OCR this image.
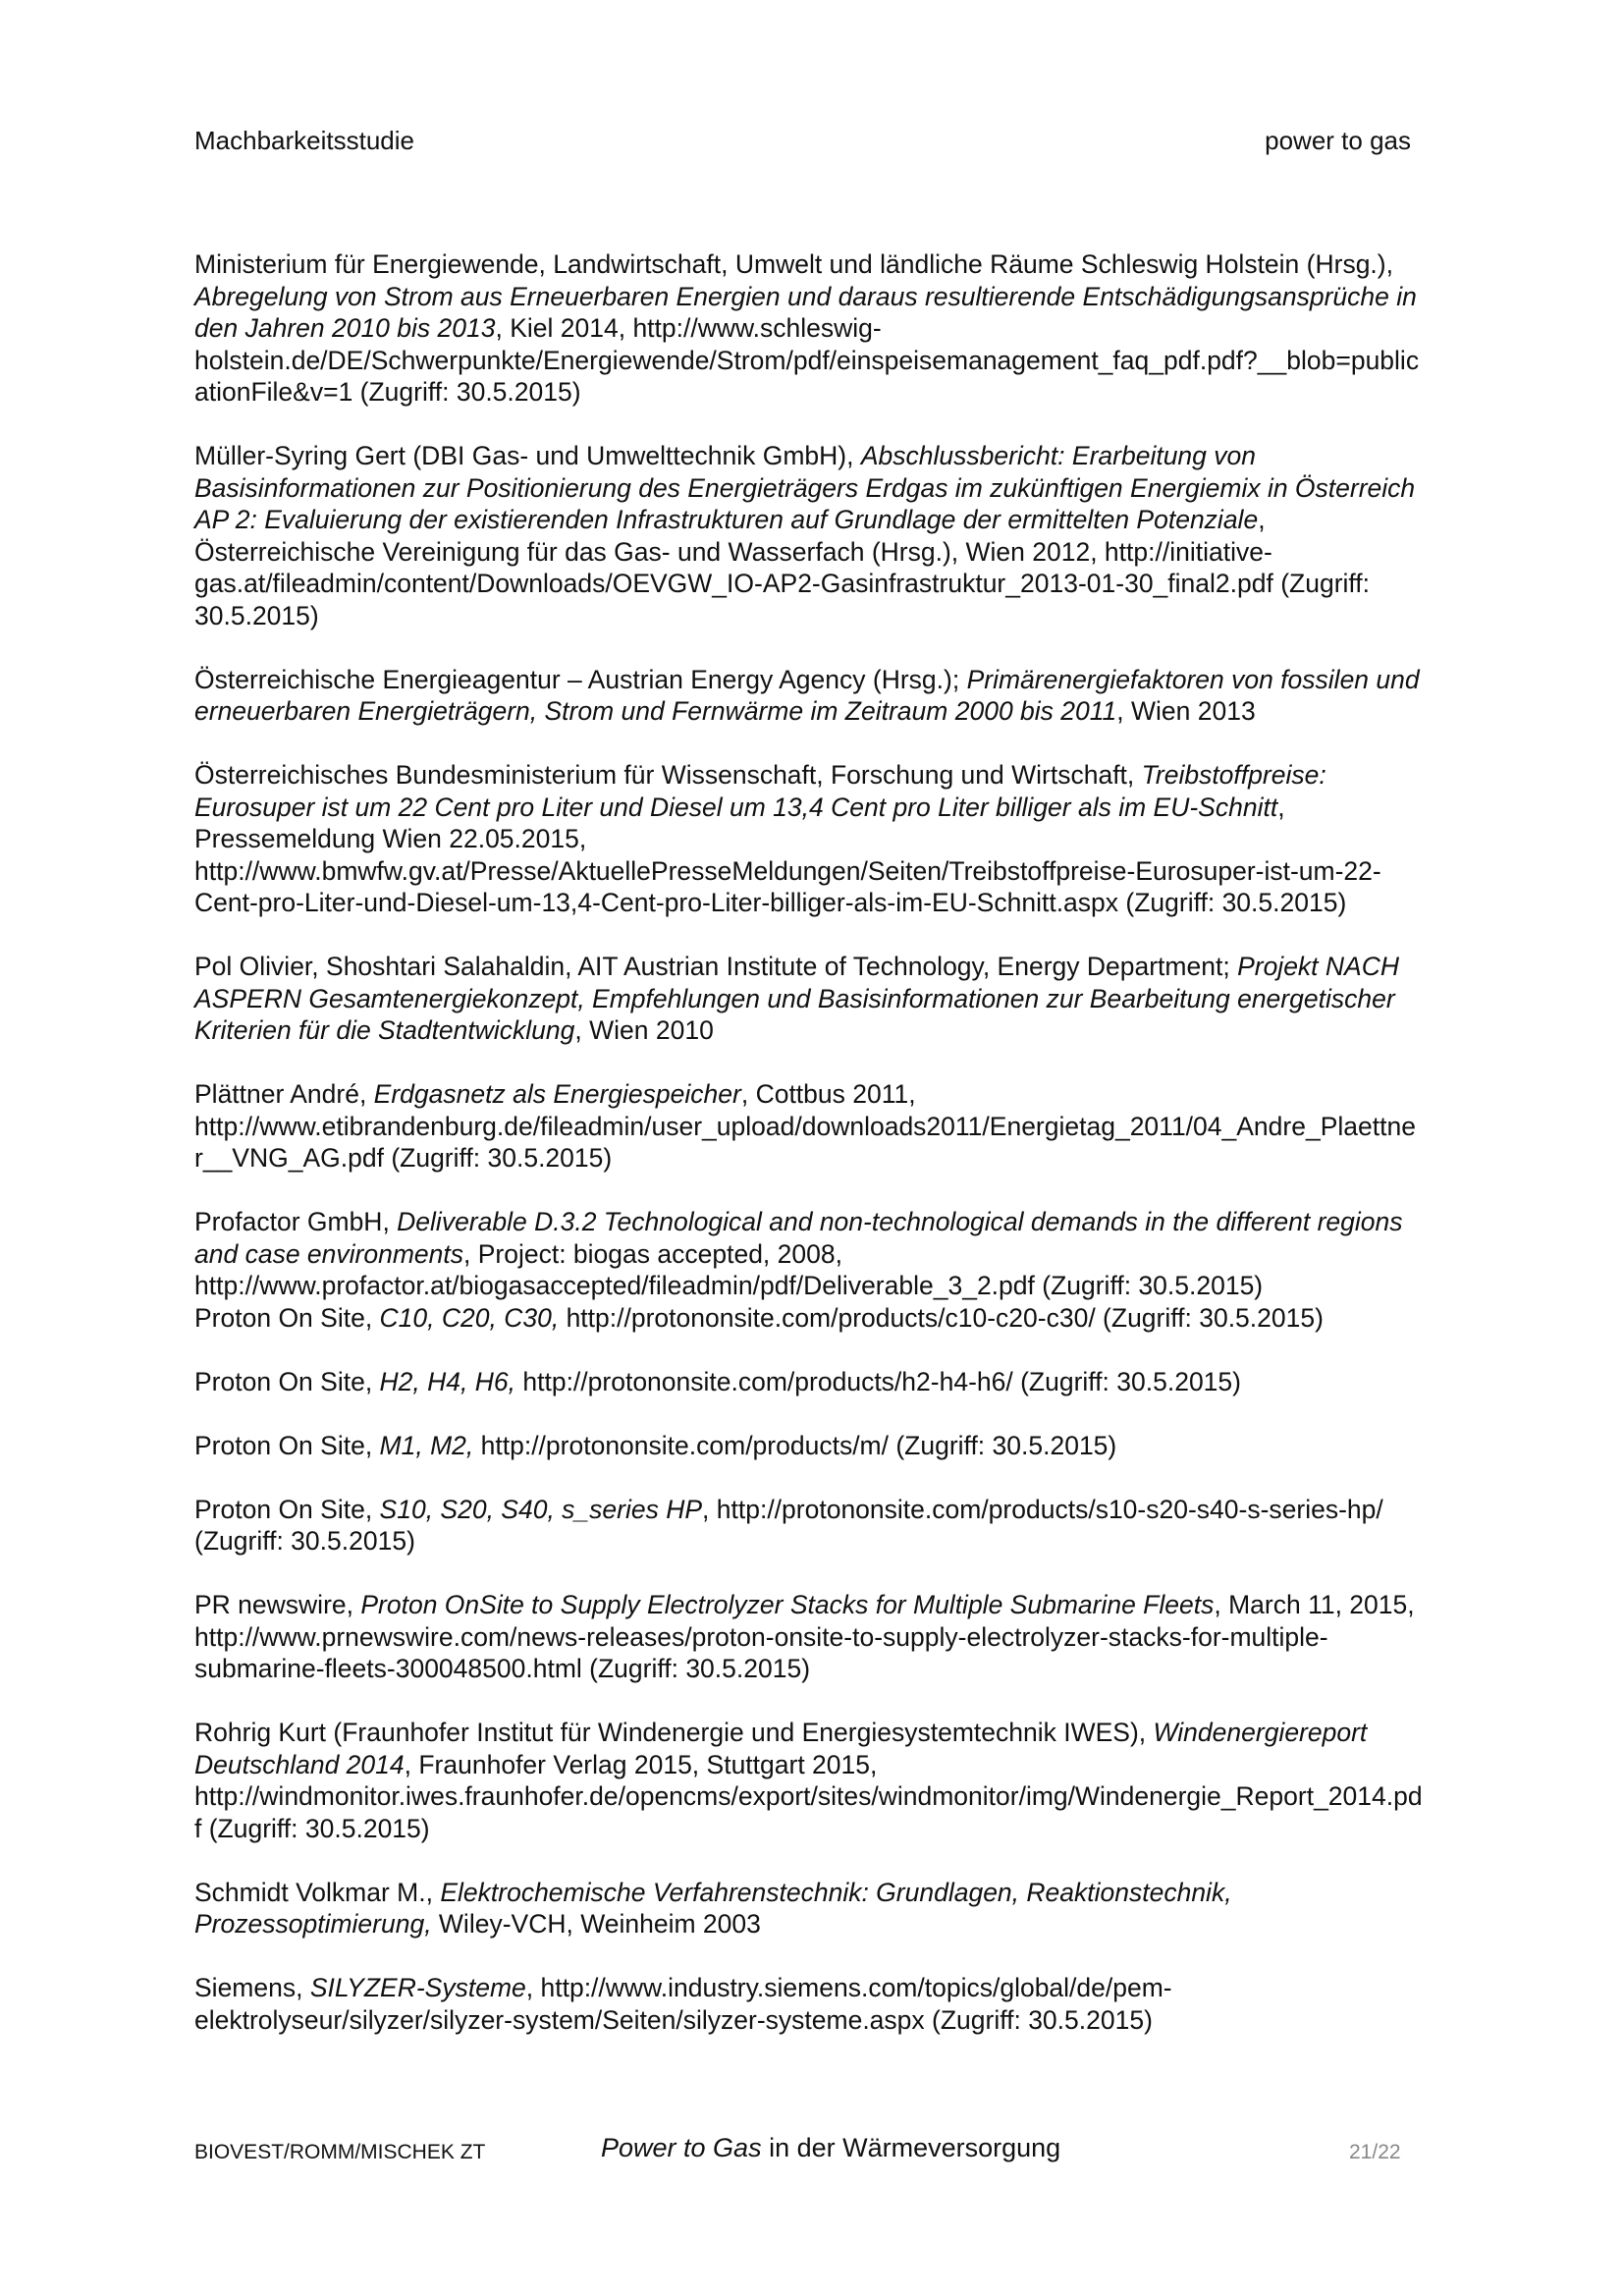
Machbarkeitsstudie	power to gas
Ministerium für Energiewende, Landwirtschaft, Umwelt und ländliche Räume Schleswig Holstein (Hrsg.),
Abregelung von Strom aus Erneuerbaren Energien und daraus resultierende Entschädigungsansprüche in
den Jahren 2010 bis 2013, Kiel 2014, http://www.schleswig-
holstein.de/DE/Schwerpunkte/Energiewende/Strom/pdf/einspeisemanagement_faq_pdf.pdf?__blob=public
ationFile&v=1 (Zugriff: 30.5.2015)
Müller-Syring Gert (DBI Gas- und Umwelttechnik GmbH), Abschlussbericht: Erarbeitung von
Basisinformationen zur Positionierung des Energieträgers Erdgas im zukünftigen Energiemix in Österreich
AP 2: Evaluierung der existierenden Infrastrukturen auf Grundlage der ermittelten Potenziale,
Österreichische Vereinigung für das Gas- und Wasserfach (Hrsg.), Wien 2012, http://initiative-
gas.at/fileadmin/content/Downloads/OEVGW_IO-AP2-Gasinfrastruktur_2013-01-30_final2.pdf (Zugriff:
30.5.2015)
Österreichische Energieagentur – Austrian Energy Agency (Hrsg.); Primärenergiefaktoren von fossilen und
erneuerbaren Energieträgern, Strom und Fernwärme im Zeitraum 2000 bis 2011, Wien 2013
Österreichisches Bundesministerium für Wissenschaft, Forschung und Wirtschaft, Treibstoffpreise:
Eurosuper ist um 22 Cent pro Liter und Diesel um 13,4 Cent pro Liter billiger als im EU-Schnitt,
Pressemeldung Wien 22.05.2015,
http://www.bmwfw.gv.at/Presse/AktuellePresseMeldungen/Seiten/Treibstoffpreise-Eurosuper-ist-um-22-
Cent-pro-Liter-und-Diesel-um-13,4-Cent-pro-Liter-billiger-als-im-EU-Schnitt.aspx (Zugriff: 30.5.2015)
Pol Olivier, Shoshtari Salahaldin, AIT Austrian Institute of Technology, Energy Department; Projekt NACH
ASPERN Gesamtenergiekonzept, Empfehlungen und Basisinformationen zur Bearbeitung energetischer
Kriterien für die Stadtentwicklung, Wien 2010
Plättner André, Erdgasnetz als Energiespeicher, Cottbus 2011,
http://www.etibrandenburg.de/fileadmin/user_upload/downloads2011/Energietag_2011/04_Andre_Plaettne
r__VNG_AG.pdf (Zugriff: 30.5.2015)
Profactor GmbH, Deliverable D.3.2 Technological and non-technological demands in the different regions
and case environments, Project: biogas accepted, 2008,
http://www.profactor.at/biogasaccepted/fileadmin/pdf/Deliverable_3_2.pdf (Zugriff: 30.5.2015)
Proton On Site, C10, C20, C30, http://protononsite.com/products/c10-c20-c30/ (Zugriff: 30.5.2015)
Proton On Site, H2, H4, H6, http://protononsite.com/products/h2-h4-h6/ (Zugriff: 30.5.2015)
Proton On Site, M1, M2, http://protononsite.com/products/m/ (Zugriff: 30.5.2015)
Proton On Site, S10, S20, S40, s_series HP, http://protononsite.com/products/s10-s20-s40-s-series-hp/
(Zugriff: 30.5.2015)
PR newswire, Proton OnSite to Supply Electrolyzer Stacks for Multiple Submarine Fleets, March 11, 2015,
http://www.prnewswire.com/news-releases/proton-onsite-to-supply-electrolyzer-stacks-for-multiple-
submarine-fleets-300048500.html (Zugriff: 30.5.2015)
Rohrig Kurt (Fraunhofer Institut für Windenergie und Energiesystemtechnik IWES), Windenergiereport
Deutschland 2014, Fraunhofer Verlag 2015, Stuttgart 2015,
http://windmonitor.iwes.fraunhofer.de/opencms/export/sites/windmonitor/img/Windenergie_Report_2014.pd
f (Zugriff: 30.5.2015)
Schmidt Volkmar M., Elektrochemische Verfahrenstechnik: Grundlagen, Reaktionstechnik,
Prozessoptimierung, Wiley-VCH, Weinheim 2003
Siemens, SILYZER-Systeme, http://www.industry.siemens.com/topics/global/de/pem-
elektrolyseur/silyzer/silyzer-system/Seiten/silyzer-systeme.aspx (Zugriff: 30.5.2015)
BIOVEST/ROMM/MISCHEK ZT	Power to Gas in der Wärmeversorgung	21/22
